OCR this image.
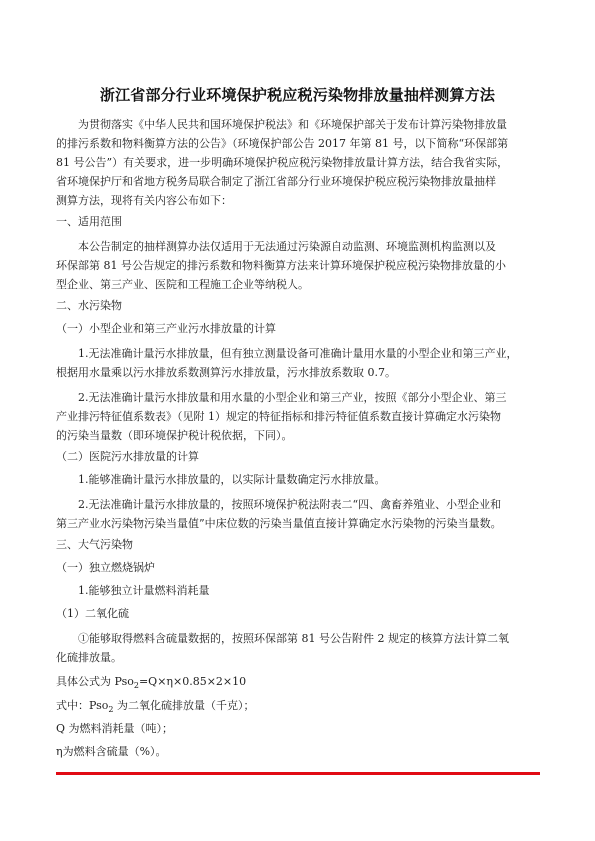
浙江省部分行业环境保护税应税污染物排放量抽样测算方法
为贯彻落实《中华人民共和国环境保护税法》和《环境保护部关于发布计算污染物排放量
的排污系数和物料衡算方法的公告》（环境保护部公告 2017 年第 81 号，以下简称“环保部第
81 号公告”）有关要求，进一步明确环境保护税应税污染物排放量计算方法，结合我省实际，
省环境保护厅和省地方税务局联合制定了浙江省部分行业环境保护税应税污染物排放量抽样
测算方法，现将有关内容公布如下：
一、适用范围
本公告制定的抽样测算办法仅适用于无法通过污染源自动监测、环境监测机构监测以及
环保部第 81 号公告规定的排污系数和物料衡算方法来计算环境保护税应税污染物排放量的小
型企业、第三产业、医院和工程施工企业等纳税人。
二、水污染物
（一）小型企业和第三产业污水排放量的计算
1.无法准确计量污水排放量，但有独立测量设备可准确计量用水量的小型企业和第三产业，
根据用水量乘以污水排放系数测算污水排放量，污水排放系数取 0.7。
2.无法准确计量污水排放量和用水量的小型企业和第三产业，按照《部分小型企业、第三
产业排污特征值系数表》（见附 1）规定的特征指标和排污特征值系数直接计算确定水污染物
的污染当量数（即环境保护税计税依据，下同）。
（二）医院污水排放量的计算
1.能够准确计量污水排放量的，以实际计量数确定污水排放量。
2.无法准确计量污水排放量的，按照环境保护税法附表二“四、禽畜养殖业、小型企业和
第三产业水污染物污染当量值”中床位数的污染当量值直接计算确定水污染物的污染当量数。
三、大气污染物
（一）独立燃烧锅炉
1.能够独立计量燃料消耗量
（1）二氧化硫
①能够取得燃料含硫量数据的，按照环保部第 81 号公告附件 2 规定的核算方法计算二氧
化硫排放量。
具体公式为 Pso$_2$=Q×η×0.85×2×10
式中：Pso$_2$ 为二氧化硫排放量（千克）；
Q 为燃料消耗量（吨）；
η为燃料含硫量（%）。
